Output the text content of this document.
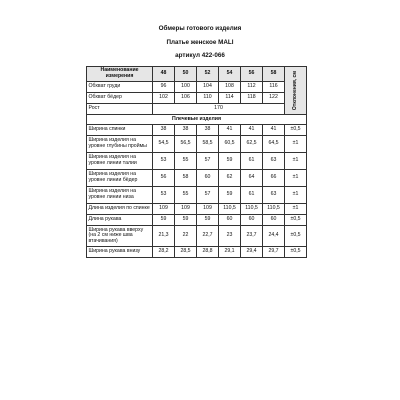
Обмеры готового изделия
Платье женское MALI
артикул 422-066
Наименование измерения	48	50	52	54	56	58	Отклонения, см

Обхват груди	96	100	104	108	112	116	
Обхват бёдер	102	106	110	114	118	122	
Рост	170						
Плечевые изделия							
Ширина спинки	38	38	38	41	41	41	±0,5
Ширина изделия на уровне глубины проймы	54,5	56,5	58,5	60,5	62,5	64,5	±1
Ширина изделия на уровне линии талии	53	55	57	59	61	63	±1
Ширина изделия на уровне линии бёдер	56	58	60	62	64	66	±1
Ширина изделия на уровне линии низа	53	55	57	59	61	63	±1
Длина изделия по спинке	109	109	109	110,5	110,5	110,5	±1
Длина рукава	59	59	59	60	60	60	±0,5
Ширина рукава вверху (на 2 см ниже шва втачивания)	21,3	22	22,7	23	23,7	24,4	±0,5
Ширина рукава внизу	28,2	28,5	28,8	29,1	29,4	29,7	±0,5
